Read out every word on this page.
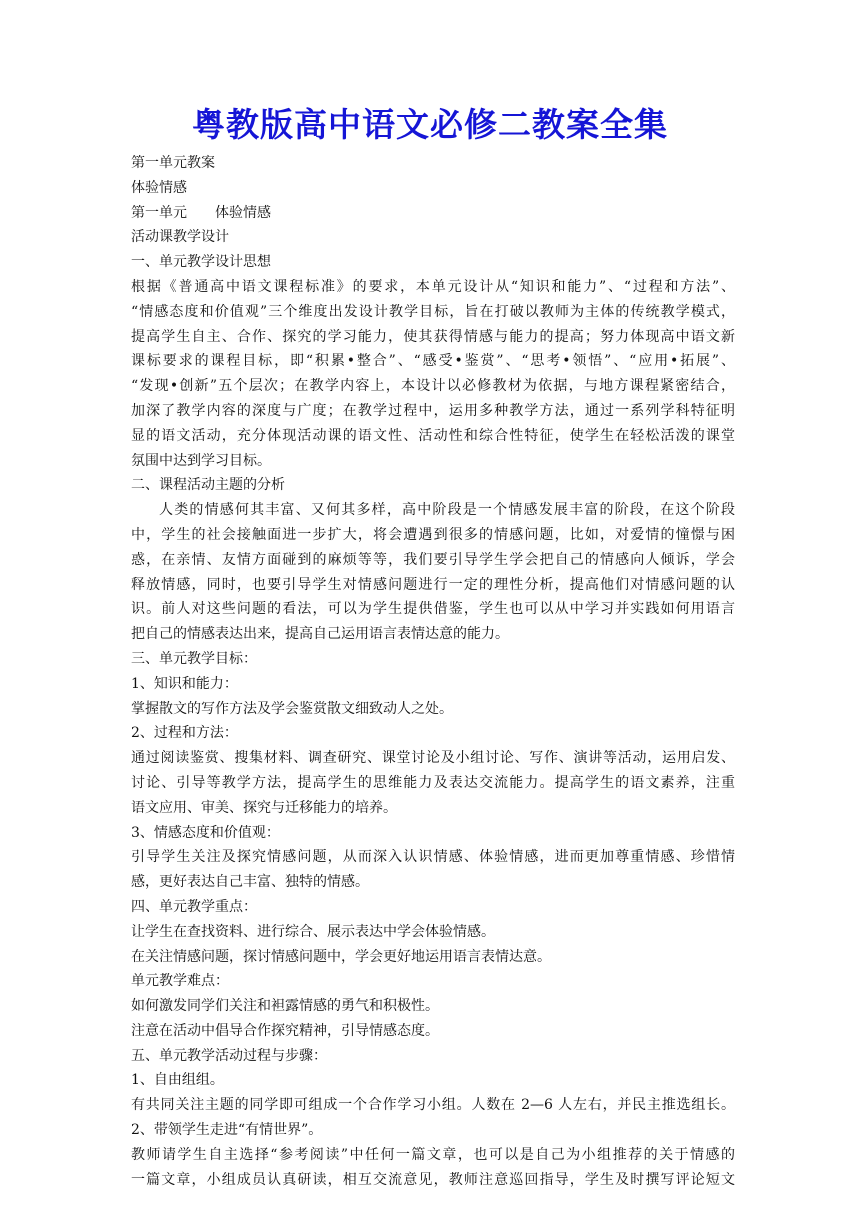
粤教版高中语文必修二教案全集
第一单元教案
体验情感
第一单元　　体验情感
活动课教学设计
一、单元教学设计思想
根据《普通高中语文课程标准》的要求，本单元设计从“知识和能力”、“过程和方法”、
“情感态度和价值观”三个维度出发设计教学目标，旨在打破以教师为主体的传统教学模式，
提高学生自主、合作、探究的学习能力，使其获得情感与能力的提高；努力体现高中语文新
课标要求的课程目标，即“积累•整合”、“感受•鉴赏”、“思考•领悟”、“应用•拓展”、
“发现•创新”五个层次；在教学内容上，本设计以必修教材为依据，与地方课程紧密结合，
加深了教学内容的深度与广度；在教学过程中，运用多种教学方法，通过一系列学科特征明
显的语文活动，充分体现活动课的语文性、活动性和综合性特征，使学生在轻松活泼的课堂
氛围中达到学习目标。
二、课程活动主题的分析
人类的情感何其丰富、又何其多样，高中阶段是一个情感发展丰富的阶段，在这个阶段
中，学生的社会接触面进一步扩大，将会遭遇到很多的情感问题，比如，对爱情的憧憬与困
惑，在亲情、友情方面碰到的麻烦等等，我们要引导学生学会把自己的情感向人倾诉，学会
释放情感，同时，也要引导学生对情感问题进行一定的理性分析，提高他们对情感问题的认
识。前人对这些问题的看法，可以为学生提供借鉴，学生也可以从中学习并实践如何用语言
把自己的情感表达出来，提高自己运用语言表情达意的能力。
三、单元教学目标：
1、知识和能力：
掌握散文的写作方法及学会鉴赏散文细致动人之处。
2、过程和方法：
通过阅读鉴赏、搜集材料、调查研究、课堂讨论及小组讨论、写作、演讲等活动，运用启发、
讨论、引导等教学方法，提高学生的思维能力及表达交流能力。提高学生的语文素养，注重
语文应用、审美、探究与迁移能力的培养。
3、情感态度和价值观：
引导学生关注及探究情感问题，从而深入认识情感、体验情感，进而更加尊重情感、珍惜情
感，更好表达自己丰富、独特的情感。
四、单元教学重点：
让学生在查找资料、进行综合、展示表达中学会体验情感。
在关注情感问题，探讨情感问题中，学会更好地运用语言表情达意。
单元教学难点：
如何激发同学们关注和袒露情感的勇气和积极性。
注意在活动中倡导合作探究精神，引导情感态度。
五、单元教学活动过程与步骤：
1、自由组组。
有共同关注主题的同学即可组成一个合作学习小组。人数在 2—6 人左右，并民主推选组长。
2、带领学生走进“有情世界”。
教师请学生自主选择“参考阅读”中任何一篇文章，也可以是自己为小组推荐的关于情感的
一篇文章，小组成员认真研读，相互交流意见，教师注意巡回指导，学生及时撰写评论短文
